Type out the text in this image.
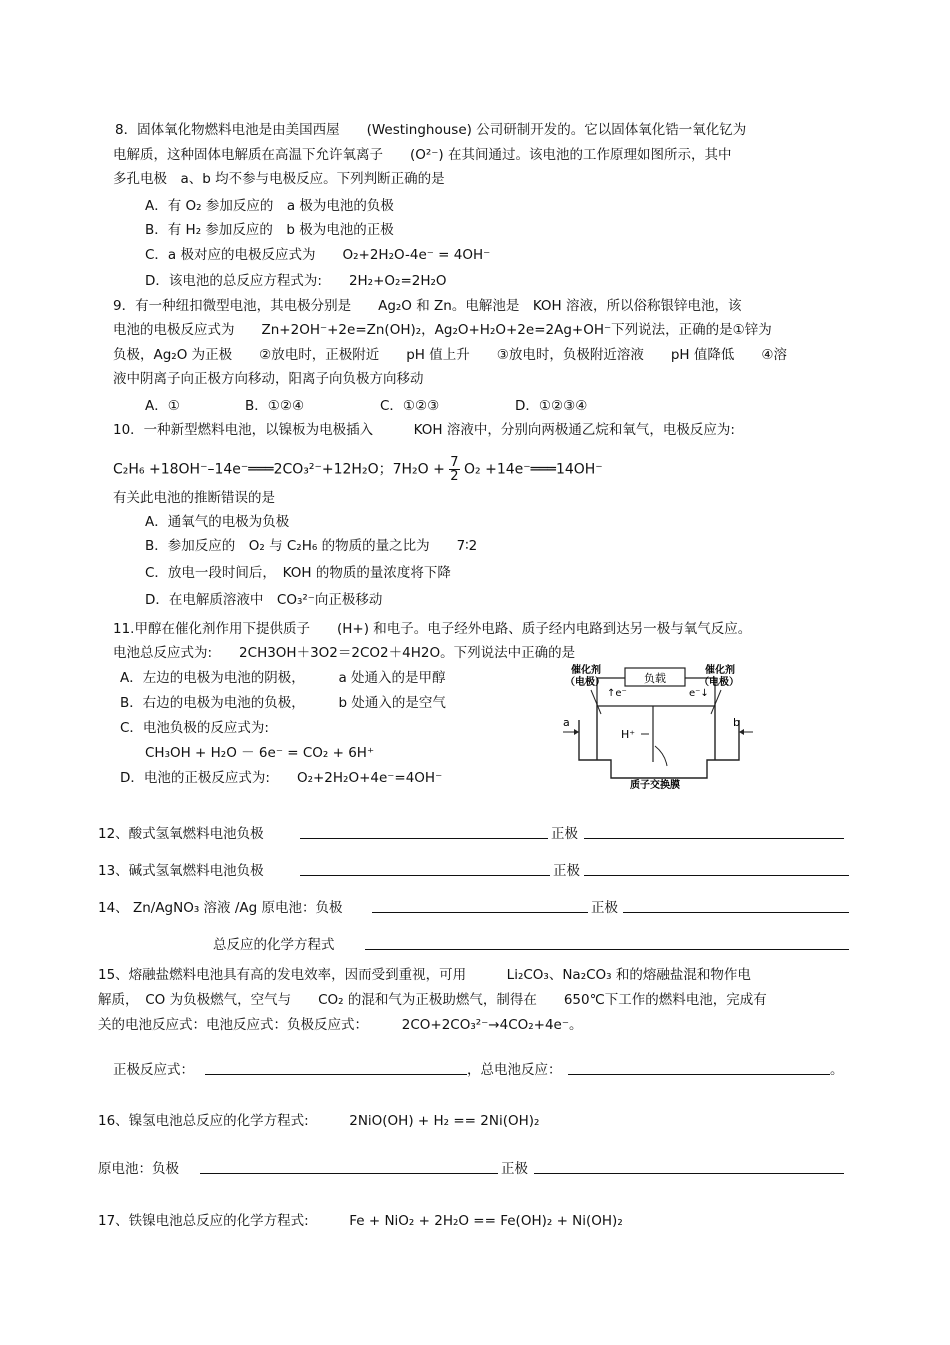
8．固体氧化物燃料电池是由美国西屋　　(Westinghouse) 公司研制开发的。它以固体氧化锆一氧化钇为
电解质，这种固体电解质在高温下允许氧离子　　(O²⁻) 在其间通过。该电池的工作原理如图所示，其中
多孔电极　a、b 均不参与电极反应。下列判断正确的是
A．有 O₂ 参加反应的　a 极为电池的负极
B．有 H₂ 参加反应的　b 极为电池的正极
C．a 极对应的电极反应式为　　O₂+2H₂O-4e⁻ = 4OH⁻
D．该电池的总反应方程式为:　　2H₂+O₂=2H₂O
9．有一种纽扣微型电池，其电极分别是　　Ag₂O 和 Zn。电解池是　KOH 溶液，所以俗称银锌电池，该
电池的电极反应式为　　Zn+2OH⁻+2e=Zn(OH)₂，Ag₂O+H₂O+2e=2Ag+OH⁻下列说法，正确的是①锌为
负极，Ag₂O 为正极　　②放电时，正极附近　　pH 值上升　　③放电时，负极附近溶液　　pH 值降低　　④溶
液中阴离子向正极方向移动，阳离子向负极方向移动
A．①	B．①②④	C．①②③	D．①②③④
10．一种新型燃料电池，以镍板为电极插入　　　KOH 溶液中，分别向两极通乙烷和氧气，电极反应为:
C₂H₆ +18OH⁻–14e⁻═══2CO₃²⁻+12H₂O；$7H_2O + \frac{7}{2} O_2$ +14e⁻═══14OH⁻
有关此电池的推断错误的是
A．通氧气的电极为负极
B．参加反应的　O₂ 与 C₂H₆ 的物质的量之比为　　7∶2
C．放电一段时间后，　KOH 的物质的量浓度将下降
D．在电解质溶液中　CO₃²⁻向正极移动
11.甲醇在催化剂作用下提供质子　　(H+) 和电子。电子经外电路、质子经内电路到达另一极与氧气反应。
电池总反应式为:　　2CH3OH＋3O2＝2CO2＋4H2O。下列说法中正确的是
A．左边的电极为电池的阴极，　　　a 处通入的是甲醇
B．右边的电极为电池的负极，　　　b 处通入的是空气
C．电池负极的反应式为:
CH₃OH + H₂O － 6e⁻ = CO₂ + 6H⁺
D．电池的正极反应式为:　　O₂+2H₂O+4e⁻=4OH⁻
负载
催化剂
（电极）
催化剂
（电极）
↑e⁻	e⁻↓
H⁺
a	b
质子交换膜
12、酸式氢氧燃料电池负极	正极
13、碱式氢氧燃料电池负极	正极
14、 Zn/AgNO₃ 溶液 /Ag 原电池：负极	正极
总反应的化学方程式
15、熔融盐燃料电池具有高的发电效率，因而受到重视，可用　　　Li₂CO₃、Na₂CO₃ 和的熔融盐混和物作电
解质，　CO 为负极燃气，空气与　　CO₂ 的混和气为正极助燃气，制得在　　650℃下工作的燃料电池，完成有
关的电池反应式：电池反应式：负极反应式：　　　2CO+2CO₃²⁻→4CO₂+4e⁻。
正极反应式：	，总电池反应：	。
16、镍氢电池总反应的化学方程式:　　　2NiO(OH) + H₂ == 2Ni(OH)₂
原电池：负极	正极
17、铁镍电池总反应的化学方程式:　　　Fe + NiO₂ + 2H₂O == Fe(OH)₂ + Ni(OH)₂
